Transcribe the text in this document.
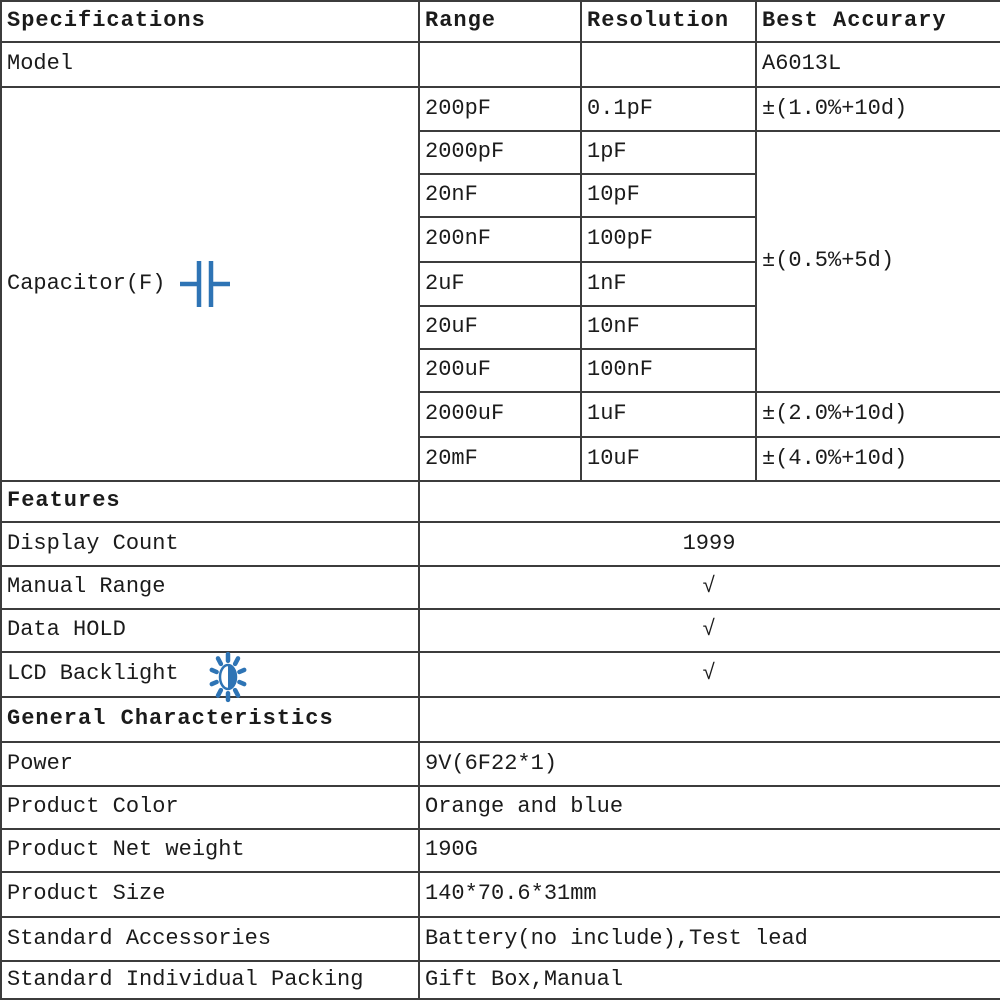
Specifications	Range	Resolution	Best Accurary
Model			A6013L

Capacitor(F)	200pF	0.1pF	±(1.0%+10d)
	2000pF	1pF	±(0.5%+5d)
	20nF	10pF	
	200nF	100pF	
	2uF	1nF	
	20uF	10nF	
	200uF	100nF	
	2000uF	1uF	±(2.0%+10d)
	20mF	10uF	±(4.0%+10d)
Features			
Display Count	1999		
Manual Range	√		
Data HOLD	√		
LCD Backlight	√		
General Characteristics			
Power	9V(6F22*1)		
Product Color	Orange and blue		
Product Net weight	190G		
Product Size	140*70.6*31mm		
Standard Accessories	Battery(no include),Test lead		
Standard Individual Packing	Gift Box,Manual		
